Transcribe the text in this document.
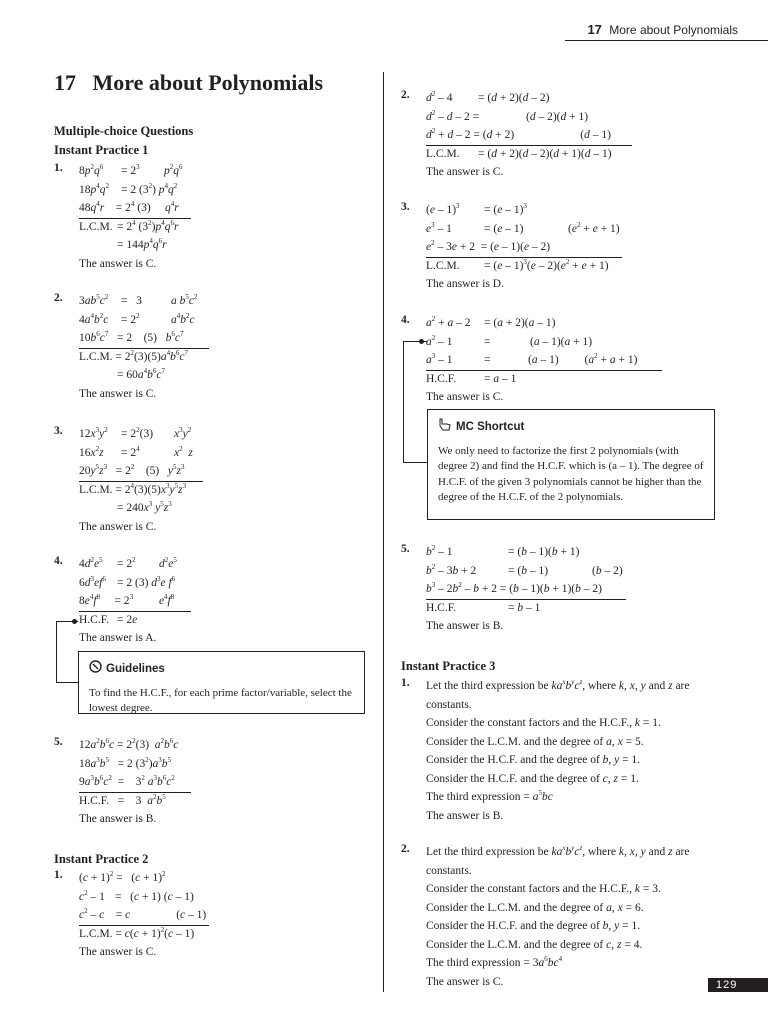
17 More about Polynomials
17   More about Polynomials
Multiple-choice Questions
Instant Practice 1
1. $8p^2q^6 = 2^3$ $p^2q^6$
$18p^4q^2 = 2$ $(3^2)$ $p^4q^2$
$48q^4r$    = $2^4$ (3)     $q^4r$
L.C.M. = $2^4$ $(3^2)p^4q^6r$
= $144p^4q^6r$
The answer is C.
2. $3ab^5c^2 = 3$	a $b^5c^2$
$4a^4b^2c = 2^2$	$a^4b^2c$
$10b^6c^7 = 2$    (5)   $b^6c^7$
L.C.M. = $2^2(3)(5)a^4b^6c^7$
= $60a^4b^6c^7$
The answer is C.
3. $12x^3y^2 = 2^2(3)$ $x^3y^2$
$16x^2z = 2^4$	$x^2$ z
$20y^5z^3 = 2^2$    (5)   $y^5z^3$
L.C.M. = $2^4(3)(5)x^3y^5z^3$
= $240x^3$ $y^5z^3$
The answer is C.
4. $4d^2e^5 = 2^2$ $d^2e^5$
$6d^3ef^6 = 2$ (3) $d^3e$ $f^6$
$8e^4f^8$     = $2^3$ $e^4f^8$
H.C.F. = 2e
The answer is A.
Guidelines
To find the H.C.F., for each prime factor/variable, select the lowest degree.
5. $12a^2b^6c = 2^2(3)$  $a^2b^6c$
$18a^3b^5 = 2$ $(3^2)a^3b^5$
$9a^3b^6c^2$  =    $3^2$ $a^3b^6c^2$
H.C.F.   =    3  $a^2b^5$
The answer is B.
Instant Practice 2
1. $(c + 1)^2 = (c + 1)^2$
$c^2 - 1 = (c + 1)$ (c – 1)
$c^2$ – c    = c                (c – 1)
L.C.M. = $c(c + 1)^2(c - 1)$
The answer is C.
2. $d^2 - 4 = (d + 2)(d - 2)$
$d^2$ – d – 2 =	(d – 2)(d + 1)
$d^2 + d - 2 = (d + 2)$                       (d – 1)
L.C.M. = (d + 2)(d – 2)(d + 1)(d – 1)
The answer is C.
3. (e – 1)$^3$ = (e – 1)$^3$
$e^3 - 1$	= (e – 1)	$(e^2 + e + 1)$
$e^2 - 3e + 2 = (e - 1)(e - 2)$
L.C.M. = $(e - 1)^3(e - 2)(e^2 + e + 1)$
The answer is D.
4. $a^2 + a - 2 = (a + 2)(a - 1)$
$a^2 - 1$	=	(a – 1)(a + 1)
$a^3 - 1$           =             (a – 1)         $(a^2 + a + 1)$
H.C.F. = a – 1
The answer is C.
MC Shortcut
We only need to factorize the first 2 polynomials (with degree 2) and find the H.C.F. which is (a – 1). The degree of H.C.F. of the given 3 polynomials cannot be higher than the degree of the H.C.F. of the 2 polynomials.
5. $b^2 - 1$	= (b – 1)(b + 1)
$b^2 - 3b + 2$	= (b – 1)	(b – 2)
$b^3 - 2b^2 - b + 2 = (b - 1)(b + 1)(b - 2)$
H.C.F.	= b – 1
The answer is B.
Instant Practice 3
1. Let the third expression be $ka^xb^yc^z$, where k, x, y and z are
constants.
Consider the constant factors and the H.C.F., k = 1.
Consider the L.C.M. and the degree of a, x = 5.
Consider the H.C.F. and the degree of b, y = 1.
Consider the H.C.F. and the degree of c, z = 1.
The third expression = $a^5bc$
The answer is B.
2. Let the third expression be $ka^xb^yc^z$, where k, x, y and z are
constants.
Consider the constant factors and the H.C.F., k = 3.
Consider the L.C.M. and the degree of a, x = 6.
Consider the H.C.F. and the degree of b, y = 1.
Consider the L.C.M. and the degree of c, z = 4.
The third expression = $3a^6bc^4$
The answer is C.	129
